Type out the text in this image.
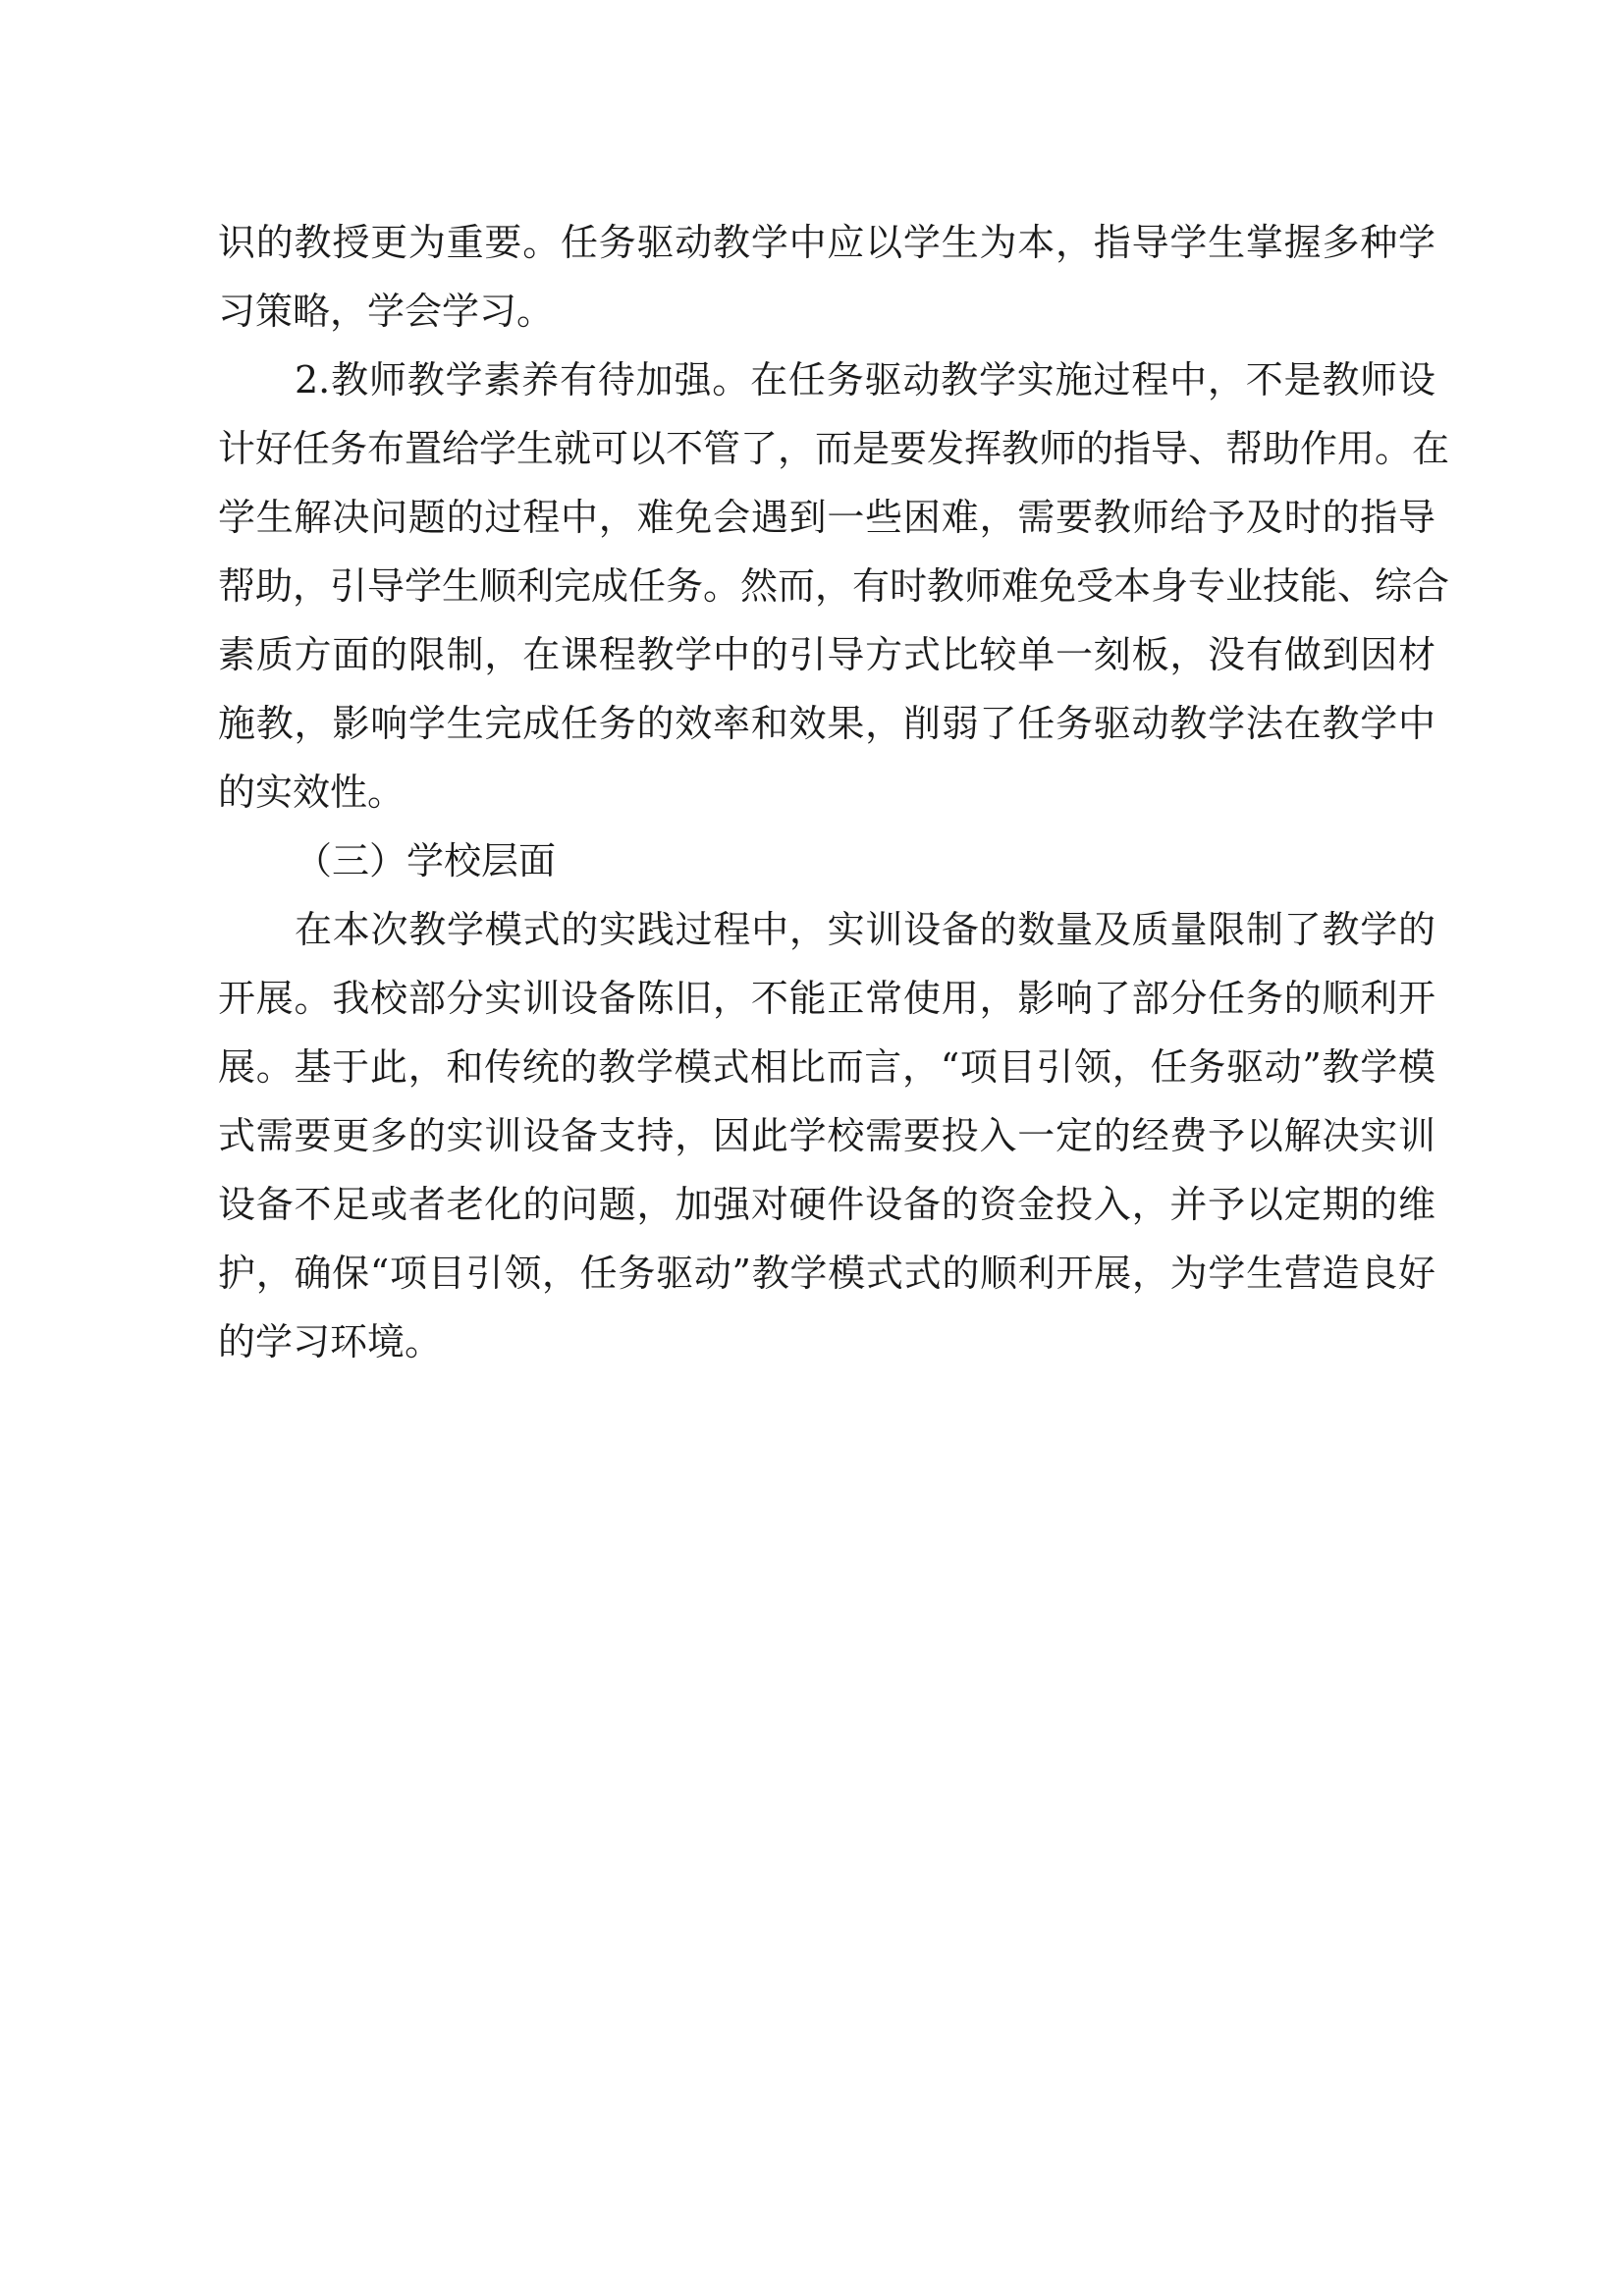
识的教授更为重要。任务驱动教学中应以学生为本，指导学生掌握多种学
习策略，学会学习。
2.教师教学素养有待加强。在任务驱动教学实施过程中，不是教师设
计好任务布置给学生就可以不管了，而是要发挥教师的指导、帮助作用。在
学生解决问题的过程中，难免会遇到一些困难，需要教师给予及时的指导
帮助，引导学生顺利完成任务。然而，有时教师难免受本身专业技能、综合
素质方面的限制，在课程教学中的引导方式比较单一刻板，没有做到因材
施教，影响学生完成任务的效率和效果，削弱了任务驱动教学法在教学中
的实效性。
（三）学校层面
在本次教学模式的实践过程中，实训设备的数量及质量限制了教学的
开展。我校部分实训设备陈旧，不能正常使用，影响了部分任务的顺利开
展。基于此，和传统的教学模式相比而言，“项目引领，任务驱动”教学模
式需要更多的实训设备支持，因此学校需要投入一定的经费予以解决实训
设备不足或者老化的问题，加强对硬件设备的资金投入，并予以定期的维
护，确保“项目引领，任务驱动”教学模式式的顺利开展，为学生营造良好
的学习环境。
